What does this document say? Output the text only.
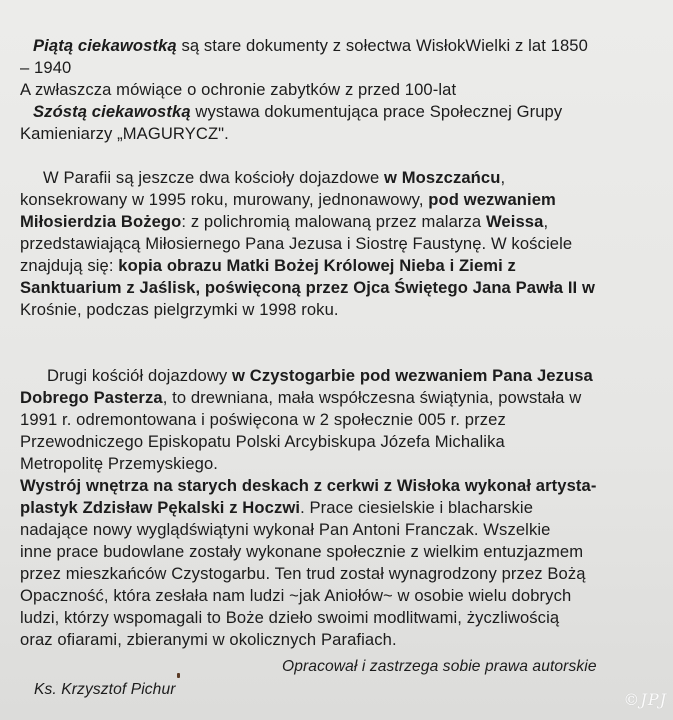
Piątą ciekawostką są stare dokumenty z sołectwa WisłokWielki z lat 1850
– 1940
A zwłaszcza mówiące o ochronie zabytków z przed 100-lat
Szóstą ciekawostką wystawa dokumentująca prace Społecznej Grupy
Kamieniarzy „MAGURYCZ".
W Parafii są jeszcze dwa kościoły dojazdowe w Moszczańcu,
konsekrowany w 1995 roku, murowany, jednonawowy, pod wezwaniem
Miłosierdzia Bożego: z polichromią malowaną przez malarza Weissa,
przedstawiającą Miłosiernego Pana Jezusa i Siostrę Faustynę. W kościele
znajdują się: kopia obrazu Matki Bożej Królowej Nieba i Ziemi z
Sanktuarium z Jaślisk, poświęconą przez Ojca Świętego Jana Pawła II w
Krośnie, podczas pielgrzymki w 1998 roku.
Drugi kościół dojazdowy w Czystogarbie pod wezwaniem Pana Jezusa
Dobrego Pasterza, to drewniana, mała współczesna świątynia, powstała w
1991 r. odremontowana i poświęcona w 2 społecznie 005 r. przez
Przewodniczego Episkopatu Polski Arcybiskupa Józefa Michalika
Metropolitę Przemyskiego.
Wystrój wnętrza na starych deskach z cerkwi z Wisłoka wykonał artysta-
plastyk Zdzisław Pękalski z Hoczwi. Prace ciesielskie i blacharskie
nadające nowy wyglądświątyni wykonał Pan Antoni Franczak. Wszelkie
inne prace budowlane zostały wykonane społecznie z wielkim entuzjazmem
przez mieszkańców Czystogarbu. Ten trud został wynagrodzony przez Bożą
Opaczność, która zesłała nam ludzi ~jak Aniołów~ w osobie wielu dobrych
ludzi, którzy wspomagali to Boże dzieło swoimi modlitwami, życzliwością
oraz ofiarami, zbieranymi w okolicznych Parafiach.
Opracował i zastrzega sobie prawa autorskie
Ks. Krzysztof Pichur
©JPJ
